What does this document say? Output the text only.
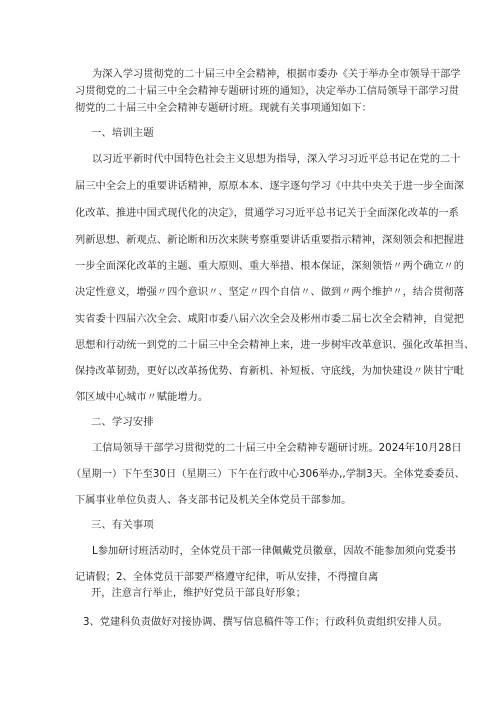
为深入学习贯彻党的二十届三中全会精神，根据市委办《关于举办全市领导干部学
习贯彻党的二十届三中全会精神专题研讨班的通知》，决定举办工信局领导干部学习贯
彻党的二十届三中全会精神专题研讨班。现就有关事项通知如下：
一、培训主题
以习近平新时代中国特色社会主义思想为指导，深入学习习近平总书记在党的二十
届三中全会上的重要讲话精神，原原本本、逐字逐句学习《中共中央关于进一步全面深
化改革、推进中国式现代化的决定》，贯通学习习近平总书记关于全面深化改革的一系
列新思想、新观点、新论断和历次来陕考察重要讲话重要指示精神，深刻领会和把握进
一步全面深化改革的主题、重大原则、重大举措、根本保证，深刻领悟〃两个确立〃的
决定性意义，增强〃四个意识〃、坚定〃四个自信〃、做到〃两个维护〃，结合贯彻落
实省委十四届六次全会、咸阳市委八届六次全会及彬州市委二届七次全会精神，自觉把
思想和行动统一到党的二十届三中全会精神上来，进一步树牢改革意识、强化改革担当、
保持改革韧劲，更好以改革扬优势、育新机、补短板、守底线，为加快建设〃陕甘宁毗
邻区域中心城市〃赋能增力。
二、学习安排
工信局领导干部学习贯彻党的二十届三中全会精神专题研讨班。2024年10月28日
（星期一）下午至30日（星期三）下午在行政中心306举办,,学制3天。全体党委委员、
下属事业单位负责人、各支部书记及机关全体党员干部参加。
三、有关事项
L参加研讨班活动时，全体党员干部一律佩戴党员徽章，因故不能参加须向党委书
记请假；2、全体党员干部要严格遵守纪律，听从安排，不得擅自离
开，注意言行举止，维护好党员干部良好形象；
3、党建科负责做好对接协调、撰写信息稿件等工作；行政科负责组织安排人员。
